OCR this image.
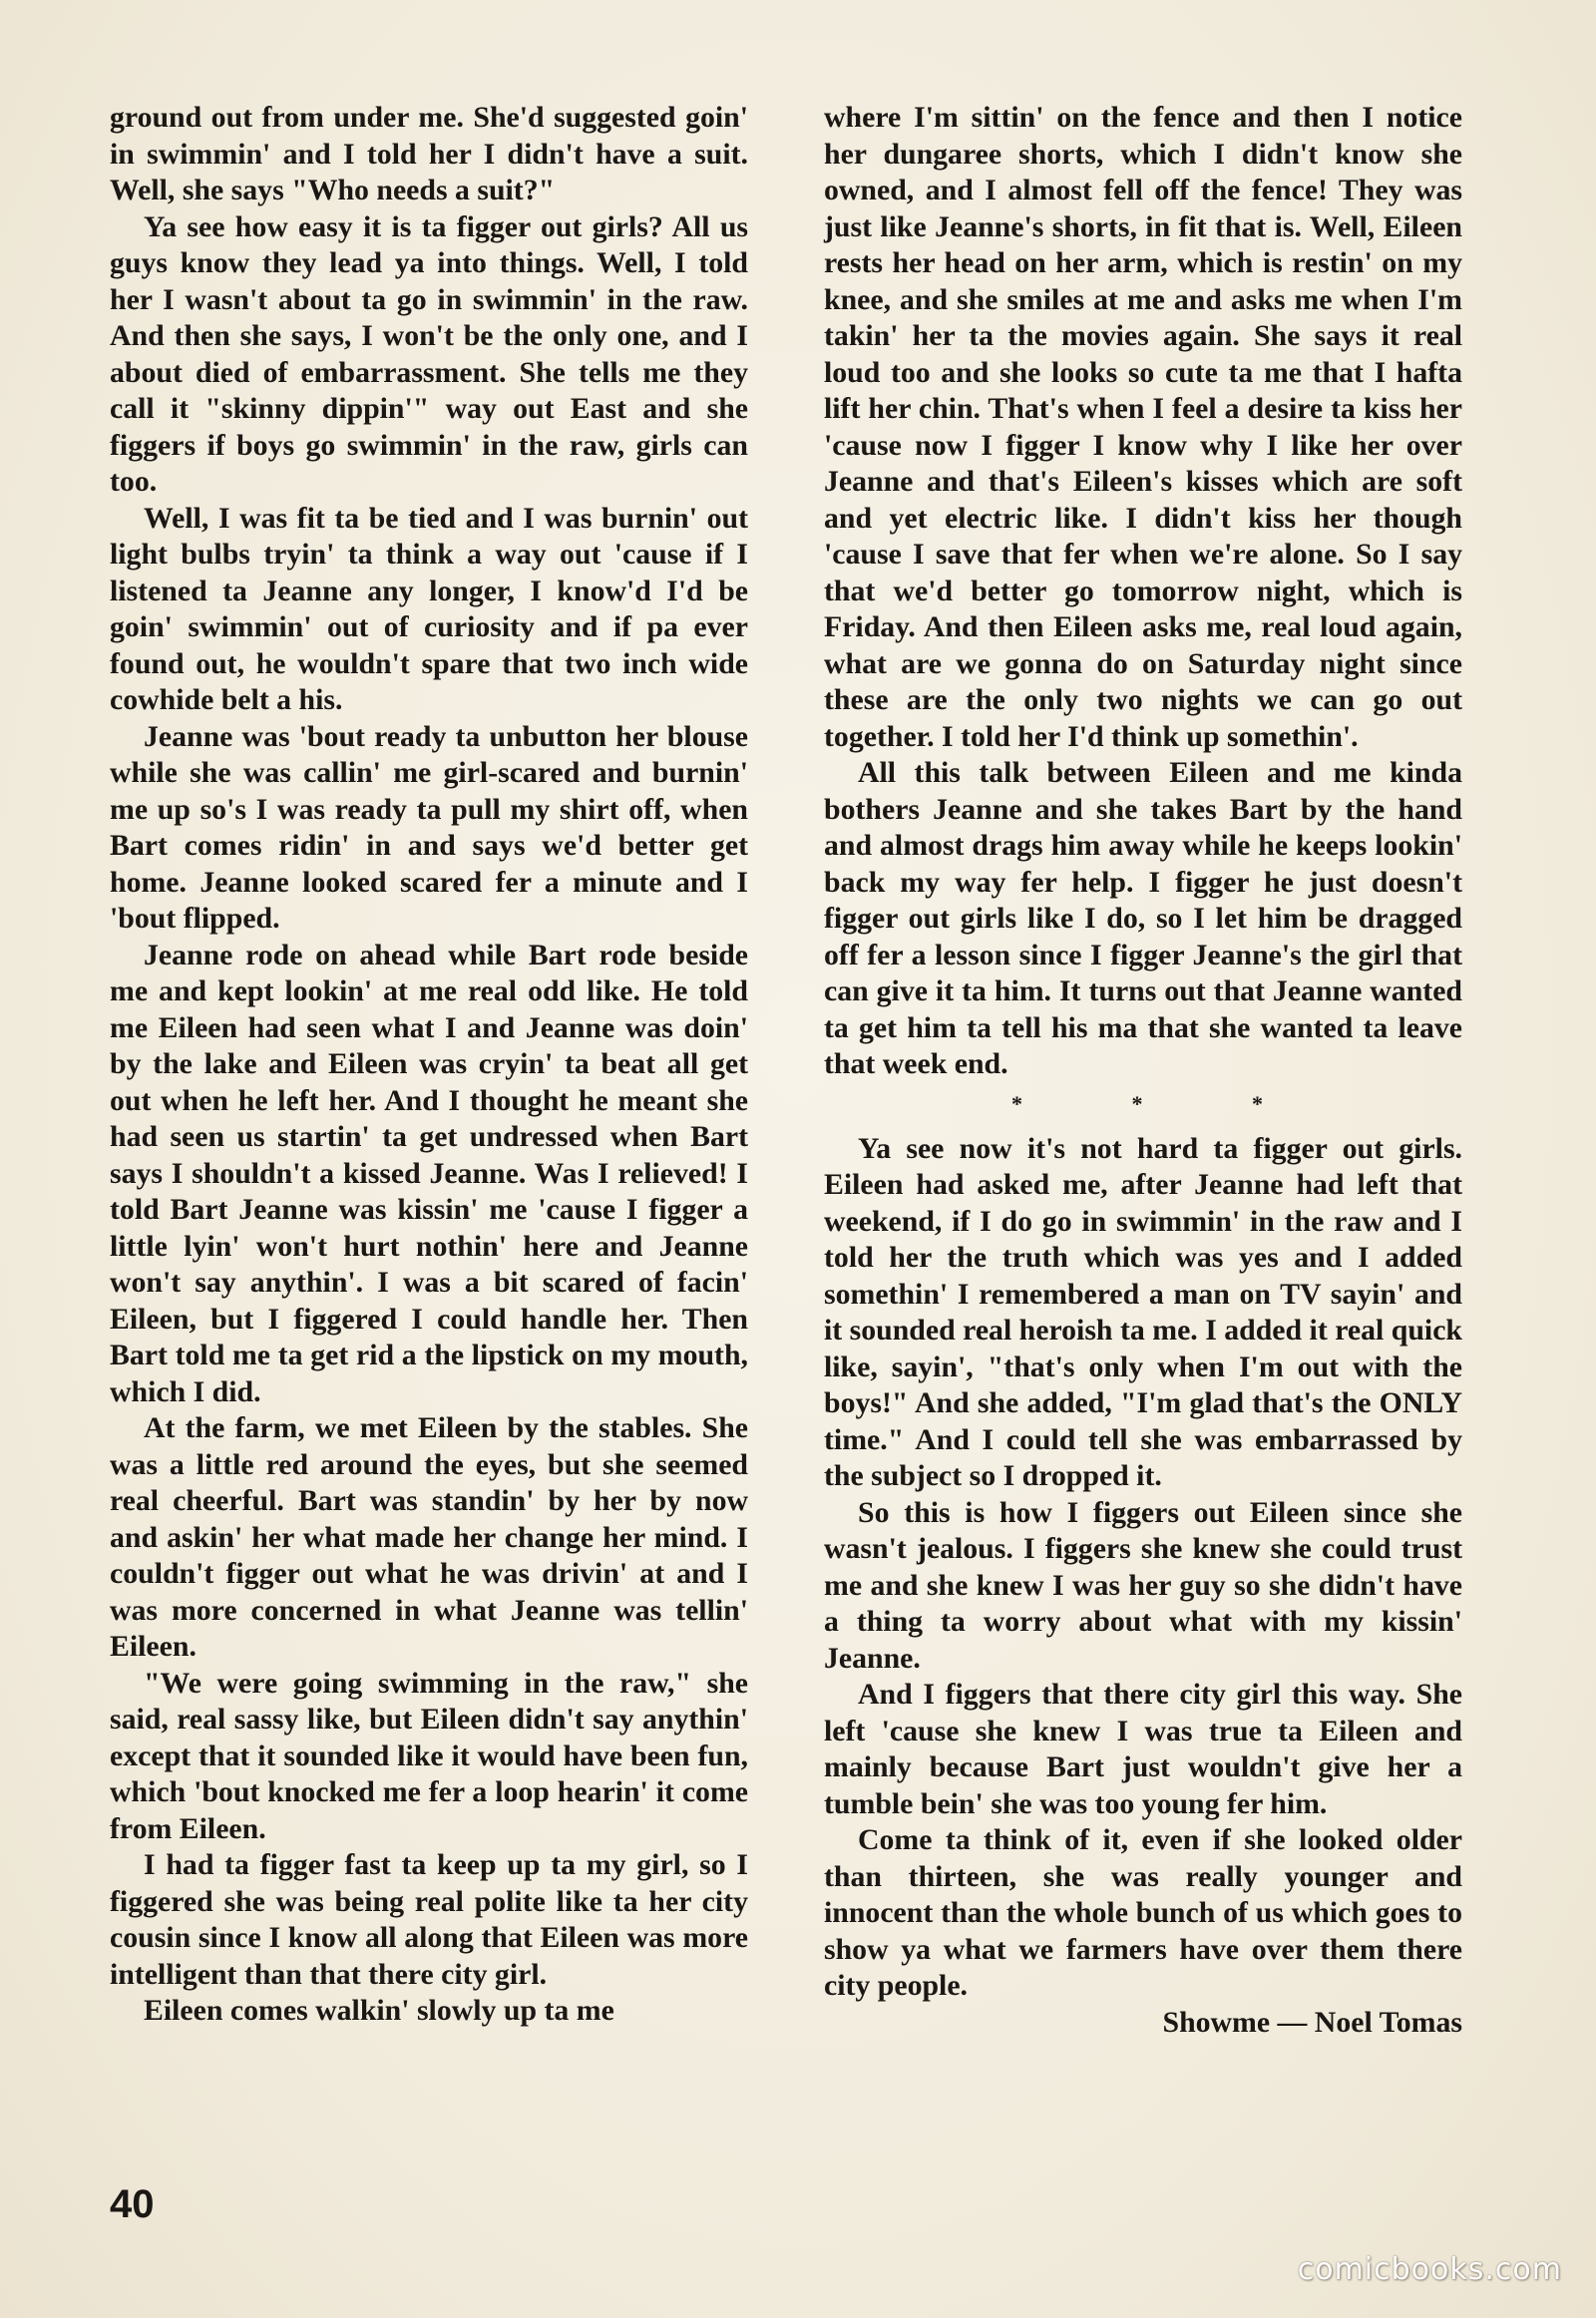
ground out from under me. She'd suggested goin' in swimmin' and I told her I didn't have a suit. Well, she says "Who needs a suit?"

Ya see how easy it is ta figger out girls? All us guys know they lead ya into things. Well, I told her I wasn't about ta go in swimmin' in the raw. And then she says, I won't be the only one, and I about died of embarrassment. She tells me they call it "skinny dippin'" way out East and she figgers if boys go swimmin' in the raw, girls can too.

Well, I was fit ta be tied and I was burnin' out light bulbs tryin' ta think a way out 'cause if I listened ta Jeanne any longer, I know'd I'd be goin' swimmin' out of curiosity and if pa ever found out, he wouldn't spare that two inch wide cowhide belt a his.

Jeanne was 'bout ready ta unbutton her blouse while she was callin' me girl-scared and burnin' me up so's I was ready ta pull my shirt off, when Bart comes ridin' in and says we'd better get home. Jeanne looked scared fer a minute and I 'bout flipped.

Jeanne rode on ahead while Bart rode beside me and kept lookin' at me real odd like. He told me Eileen had seen what I and Jeanne was doin' by the lake and Eileen was cryin' ta beat all get out when he left her. And I thought he meant she had seen us startin' ta get undressed when Bart says I shouldn't a kissed Jeanne. Was I relieved! I told Bart Jeanne was kissin' me 'cause I figger a little lyin' won't hurt nothin' here and Jeanne won't say anythin'. I was a bit scared of facin' Eileen, but I figgered I could handle her. Then Bart told me ta get rid a the lipstick on my mouth, which I did.

At the farm, we met Eileen by the stables. She was a little red around the eyes, but she seemed real cheerful. Bart was standin' by her by now and askin' her what made her change her mind. I couldn't figger out what he was drivin' at and I was more concerned in what Jeanne was tellin' Eileen.

"We were going swimming in the raw," she said, real sassy like, but Eileen didn't say anythin' except that it sounded like it would have been fun, which 'bout knocked me fer a loop hearin' it come from Eileen.

I had ta figger fast ta keep up ta my girl, so I figgered she was being real polite like ta her city cousin since I know all along that Eileen was more intelligent than that there city girl.

Eileen comes walkin' slowly up ta me

where I'm sittin' on the fence and then I notice her dungaree shorts, which I didn't know she owned, and I almost fell off the fence! They was just like Jeanne's shorts, in fit that is. Well, Eileen rests her head on her arm, which is restin' on my knee, and she smiles at me and asks me when I'm takin' her ta the movies again. She says it real loud too and she looks so cute ta me that I hafta lift her chin. That's when I feel a desire ta kiss her 'cause now I figger I know why I like her over Jeanne and that's Eileen's kisses which are soft and yet electric like. I didn't kiss her though 'cause I save that fer when we're alone. So I say that we'd better go tomorrow night, which is Friday. And then Eileen asks me, real loud again, what are we gonna do on Saturday night since these are the only two nights we can go out together. I told her I'd think up somethin'.

All this talk between Eileen and me kinda bothers Jeanne and she takes Bart by the hand and almost drags him away while he keeps lookin' back my way fer help. I figger he just doesn't figger out girls like I do, so I let him be dragged off fer a lesson since I figger Jeanne's the girl that can give it ta him. It turns out that Jeanne wanted ta get him ta tell his ma that she wanted ta leave that week end.

* * *

Ya see now it's not hard ta figger out girls. Eileen had asked me, after Jeanne had left that weekend, if I do go in swimmin' in the raw and I told her the truth which was yes and I added somethin' I remembered a man on TV sayin' and it sounded real heroish ta me. I added it real quick like, sayin', "that's only when I'm out with the boys!" And she added, "I'm glad that's the ONLY time." And I could tell she was embarrassed by the subject so I dropped it.

So this is how I figgers out Eileen since she wasn't jealous. I figgers she knew she could trust me and she knew I was her guy so she didn't have a thing ta worry about what with my kissin' Jeanne.

And I figgers that there city girl this way. She left 'cause she knew I was true ta Eileen and mainly because Bart just wouldn't give her a tumble bein' she was too young fer him.

Come ta think of it, even if she looked older than thirteen, she was really younger and innocent than the whole bunch of us which goes to show ya what we farmers have over them there city people.

Showme — Noel Tomas
40
comicbooks.com
